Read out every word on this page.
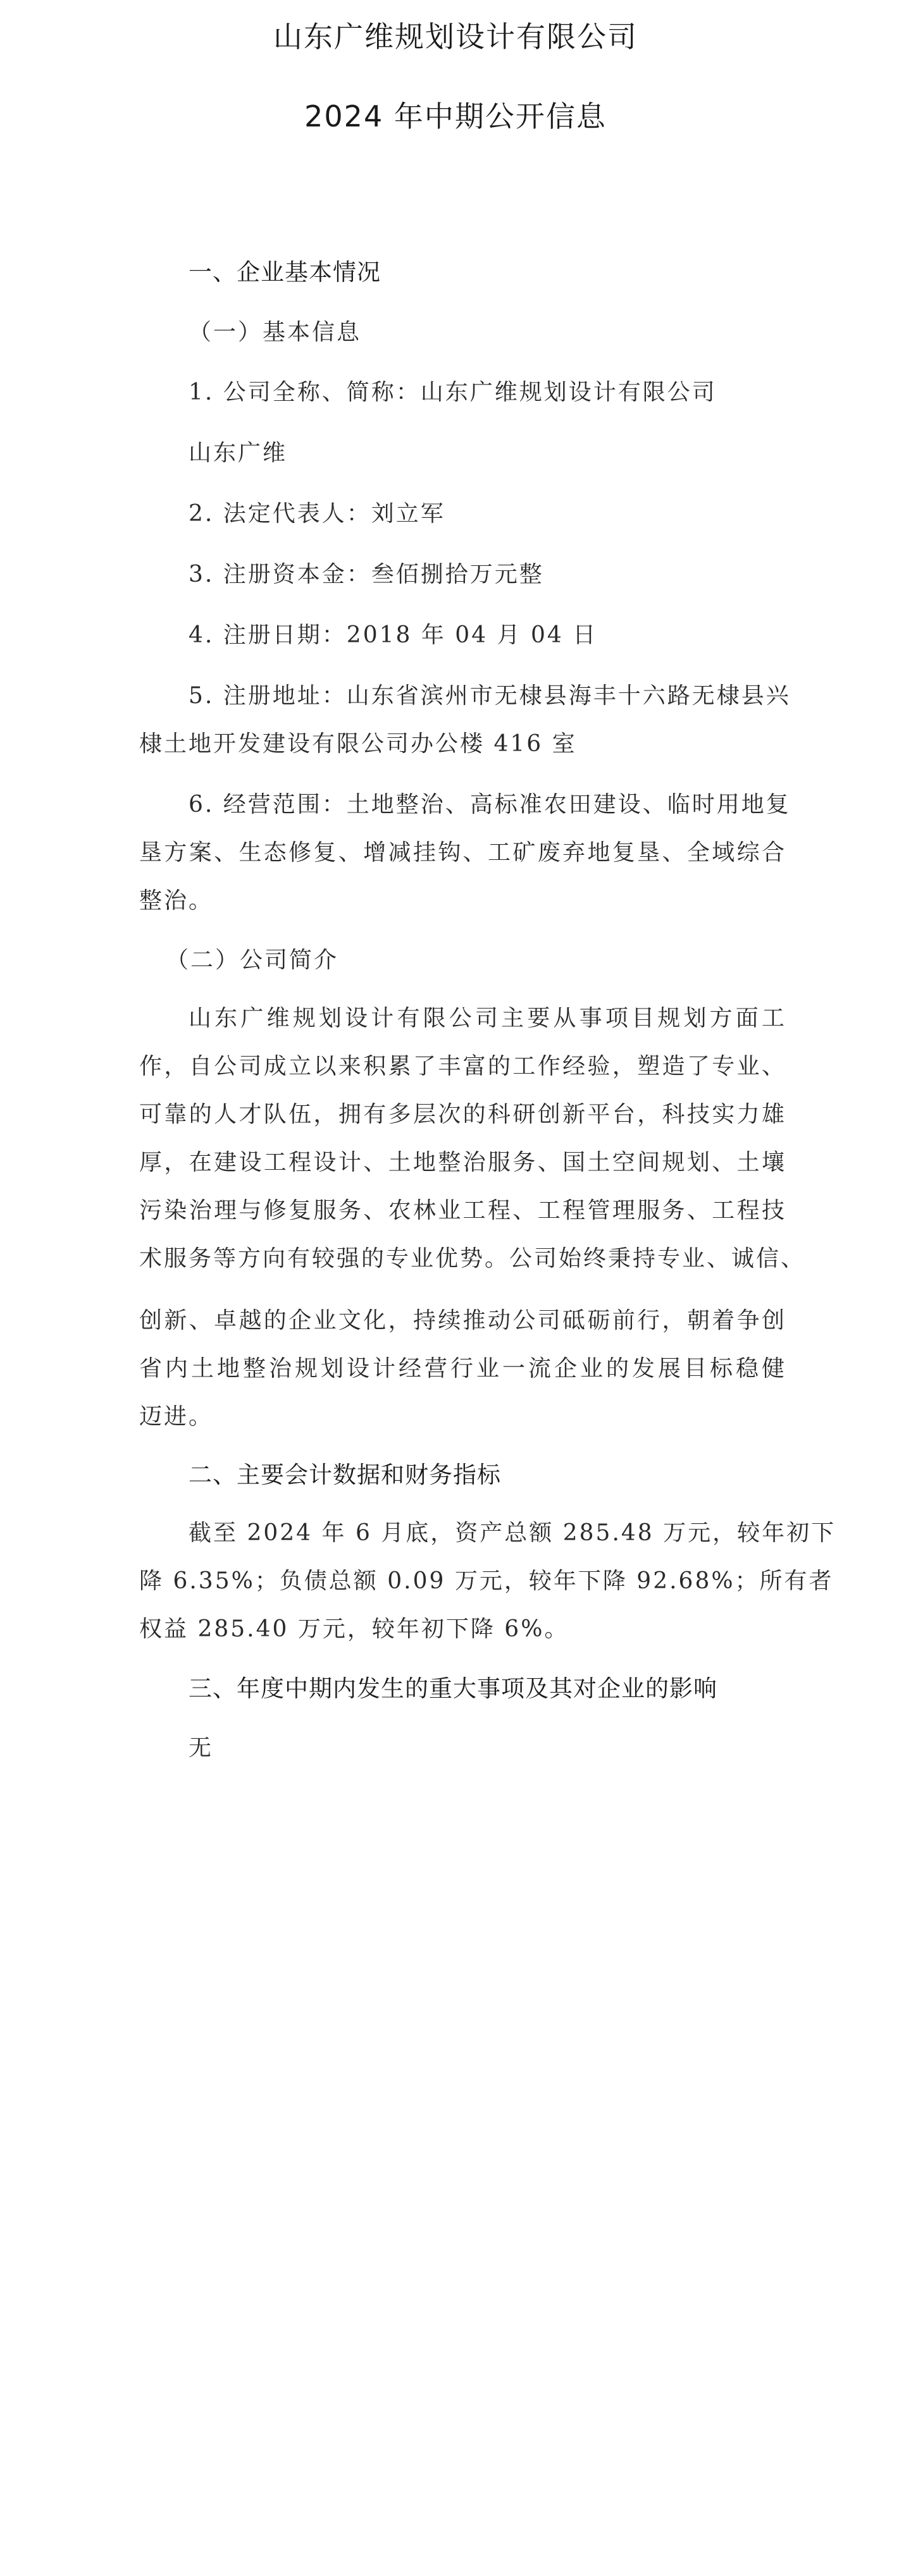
山东广维规划设计有限公司
2024 年中期公开信息
一、企业基本情况
（一）基本信息
1. 公司全称、简称：山东广维规划设计有限公司
山东广维
2. 法定代表人：刘立军
3. 注册资本金：叁佰捌拾万元整
4. 注册日期：2018 年 04 月 04 日
5. 注册地址：山东省滨州市无棣县海丰十六路无棣县兴
棣土地开发建设有限公司办公楼 416 室
6. 经营范围：土地整治、高标准农田建设、临时用地复
垦方案、生态修复、增减挂钩、工矿废弃地复垦、全域综合
整治。
（二）公司简介
山东广维规划设计有限公司主要从事项目规划方面工
作，自公司成立以来积累了丰富的工作经验，塑造了专业、
可靠的人才队伍，拥有多层次的科研创新平台，科技实力雄
厚，在建设工程设计、土地整治服务、国土空间规划、土壤
污染治理与修复服务、农林业工程、工程管理服务、工程技
术服务等方向有较强的专业优势。公司始终秉持专业、诚信、
创新、卓越的企业文化，持续推动公司砥砺前行，朝着争创
省内土地整治规划设计经营行业一流企业的发展目标稳健
迈进。
二、主要会计数据和财务指标
截至 2024 年 6 月底，资产总额 285.48 万元，较年初下
降 6.35%；负债总额 0.09 万元，较年下降 92.68%；所有者
权益 285.40 万元，较年初下降 6%。
三、年度中期内发生的重大事项及其对企业的影响
无
